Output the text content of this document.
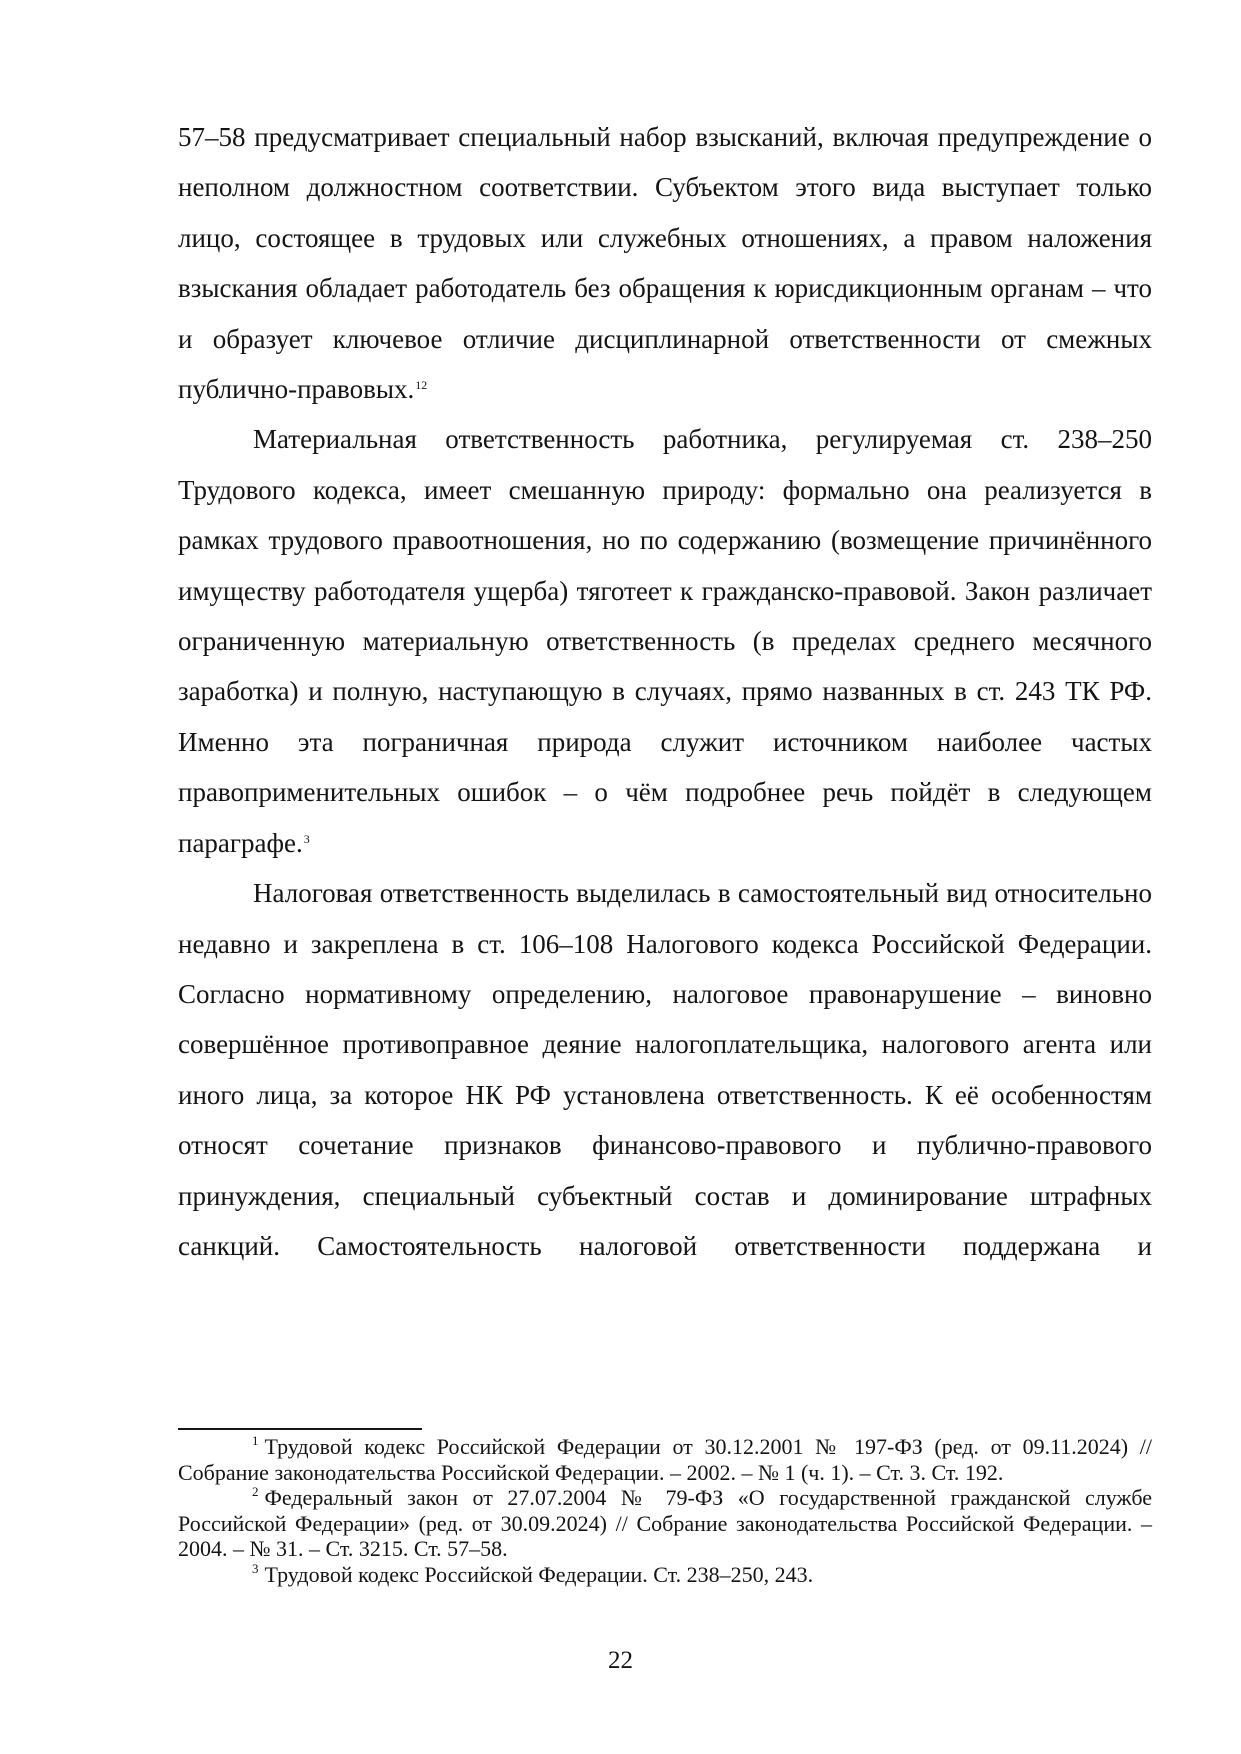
57–58 предусматривает специальный набор взысканий, включая предупреждение о неполном должностном соответствии. Субъектом этого вида выступает только лицо, состоящее в трудовых или служебных отношениях, а правом наложения взыскания обладает работодатель без обращения к юрисдикционным органам – что и образует ключевое отличие дисциплинарной ответственности от смежных публично-правовых.$^{12}$

Материальная ответственность работника, регулируемая ст. 238–250 Трудового кодекса, имеет смешанную природу: формально она реализуется в рамках трудового правоотношения, но по содержанию (возмещение причинённого имуществу работодателя ущерба) тяготеет к гражданско-правовой. Закон различает ограниченную материальную ответственность (в пределах среднего месячного заработка) и полную, наступающую в случаях, прямо названных в ст. 243 ТК РФ. Именно эта пограничная природа служит источником наиболее частых правоприменительных ошибок – о чём подробнее речь пойдёт в следующем параграфе.$^3$

Налоговая ответственность выделилась в самостоятельный вид относительно недавно и закреплена в ст. 106–108 Налогового кодекса Российской Федерации. Согласно нормативному определению, налоговое правонарушение – виновно совершённое противоправное деяние налогоплательщика, налогового агента или иного лица, за которое НК РФ установлена ответственность. К её особенностям относят сочетание признаков финансово-правового и публично-правового принуждения, специальный субъектный состав и доминирование штрафных санкций. Самостоятельность налоговой ответственности поддержана и

$^1$ Трудовой кодекс Российской Федерации от 30.12.2001 № 197-ФЗ (ред. от 09.11.2024) // Собрание законодательства Российской Федерации. – 2002. – № 1 (ч. 1). – Ст. 3. Ст. 192.

$^2$ Федеральный закон от 27.07.2004 № 79-ФЗ «О государственной гражданской службе Российской Федерации» (ред. от 30.09.2024) // Собрание законодательства Российской Федерации. – 2004. – № 31. – Ст. 3215. Ст. 57–58.

$^3$ Трудовой кодекс Российской Федерации. Ст. 238–250, 243.

22
